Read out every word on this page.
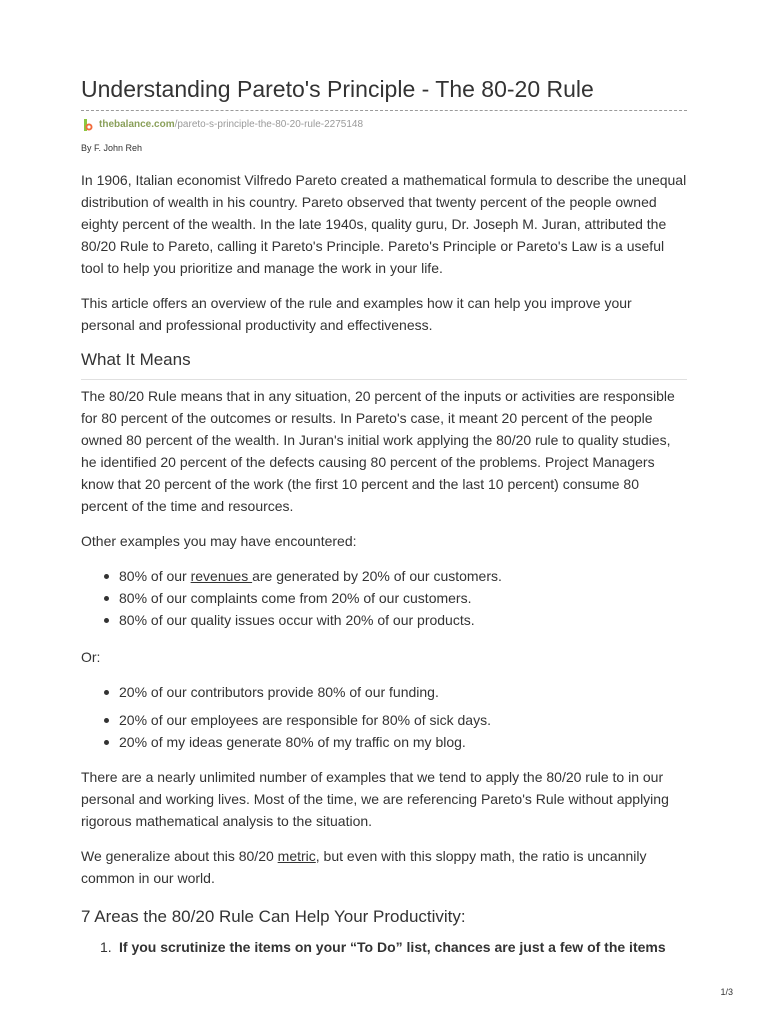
Understanding Pareto's Principle - The 80-20 Rule
thebalance.com /pareto-s-principle-the-80-20-rule-2275148
By F. John Reh

In 1906, Italian economist Vilfredo Pareto created a mathematical formula to describe the unequal distribution of wealth in his country. Pareto observed that twenty percent of the people owned eighty percent of the wealth. In the late 1940s, quality guru, Dr. Joseph M. Juran, attributed the 80/20 Rule to Pareto, calling it Pareto's Principle. Pareto's Principle or Pareto's Law is a useful tool to help you prioritize and manage the work in your life.

This article offers an overview of the rule and examples how it can help you improve your personal and professional productivity and effectiveness.

What It Means

The 80/20 Rule means that in any situation, 20 percent of the inputs or activities are responsible for 80 percent of the outcomes or results. In Pareto's case, it meant 20 percent of the people owned 80 percent of the wealth. In Juran's initial work applying the 80/20 rule to quality studies, he identified 20 percent of the defects causing 80 percent of the problems. Project Managers know that 20 percent of the work (the first 10 percent and the last 10 percent) consume 80 percent of the time and resources.

Other examples you may have encountered:

80% of our revenues are generated by 20% of our customers.
80% of our complaints come from 20% of our customers.
80% of our quality issues occur with 20% of our products.

Or:

20% of our contributors provide 80% of our funding.
20% of our employees are responsible for 80% of sick days.
20% of my ideas generate 80% of my traffic on my blog.

There are a nearly unlimited number of examples that we tend to apply the 80/20 rule to in our personal and working lives. Most of the time, we are referencing Pareto's Rule without applying rigorous mathematical analysis to the situation.

We generalize about this 80/20 metric, but even with this sloppy math, the ratio is uncannily common in our world.

7 Areas the 80/20 Rule Can Help Your Productivity:
1. If you scrutinize the items on your “To Do” list, chances are just a few of the items
1/3
